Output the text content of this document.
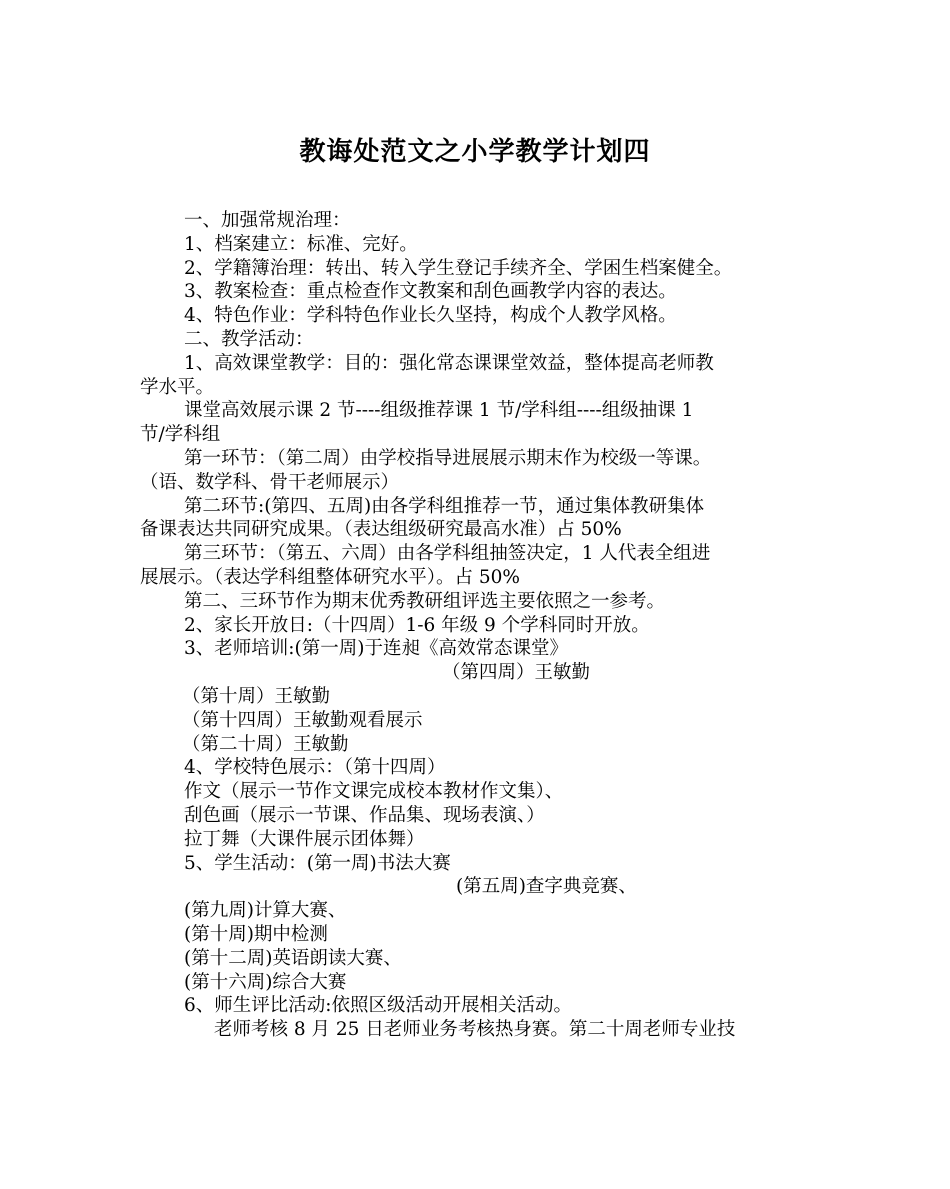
教诲处范文之小学教学计划四
一、加强常规治理：
1、档案建立：标准、完好。
2、学籍簿治理：转出、转入学生登记手续齐全、学困生档案健全。
3、教案检查：重点检查作文教案和刮色画教学内容的表达。
4、特色作业：学科特色作业长久坚持，构成个人教学风格。
二、教学活动：
1、高效课堂教学：目的：强化常态课课堂效益，整体提高老师教
学水平。
课堂高效展示课 2 节----组级推荐课 1 节/学科组----组级抽课 1
节/学科组
第一环节：（第二周）由学校指导进展展示期末作为校级一等课。
（语、数学科、骨干老师展示）
第二环节:(第四、五周)由各学科组推荐一节，通过集体教研集体
备课表达共同研究成果。（表达组级研究最高水准）占 50%
第三环节：（第五、六周）由各学科组抽签决定，1 人代表全组进
展展示。（表达学科组整体研究水平）。占 50%
第二、三环节作为期末优秀教研组评选主要依照之一参考。
2、家长开放日:（十四周）1-6 年级 9 个学科同时开放。
3、老师培训:(第一周)于连昶《高效常态课堂》
（第四周）王敏勤
（第十周）王敏勤
（第十四周）王敏勤观看展示
（第二十周）王敏勤
4、学校特色展示：（第十四周）
作文（展示一节作文课完成校本教材作文集）、
刮色画（展示一节课、作品集、现场表演、）
拉丁舞（大课件展示团体舞）
5、学生活动：(第一周)书法大赛
(第五周)查字典竞赛、
(第九周)计算大赛、
(第十周)期中检测
(第十二周)英语朗读大赛、
(第十六周)综合大赛
6、师生评比活动:依照区级活动开展相关活动。
老师考核 8 月 25 日老师业务考核热身赛。第二十周老师专业技
